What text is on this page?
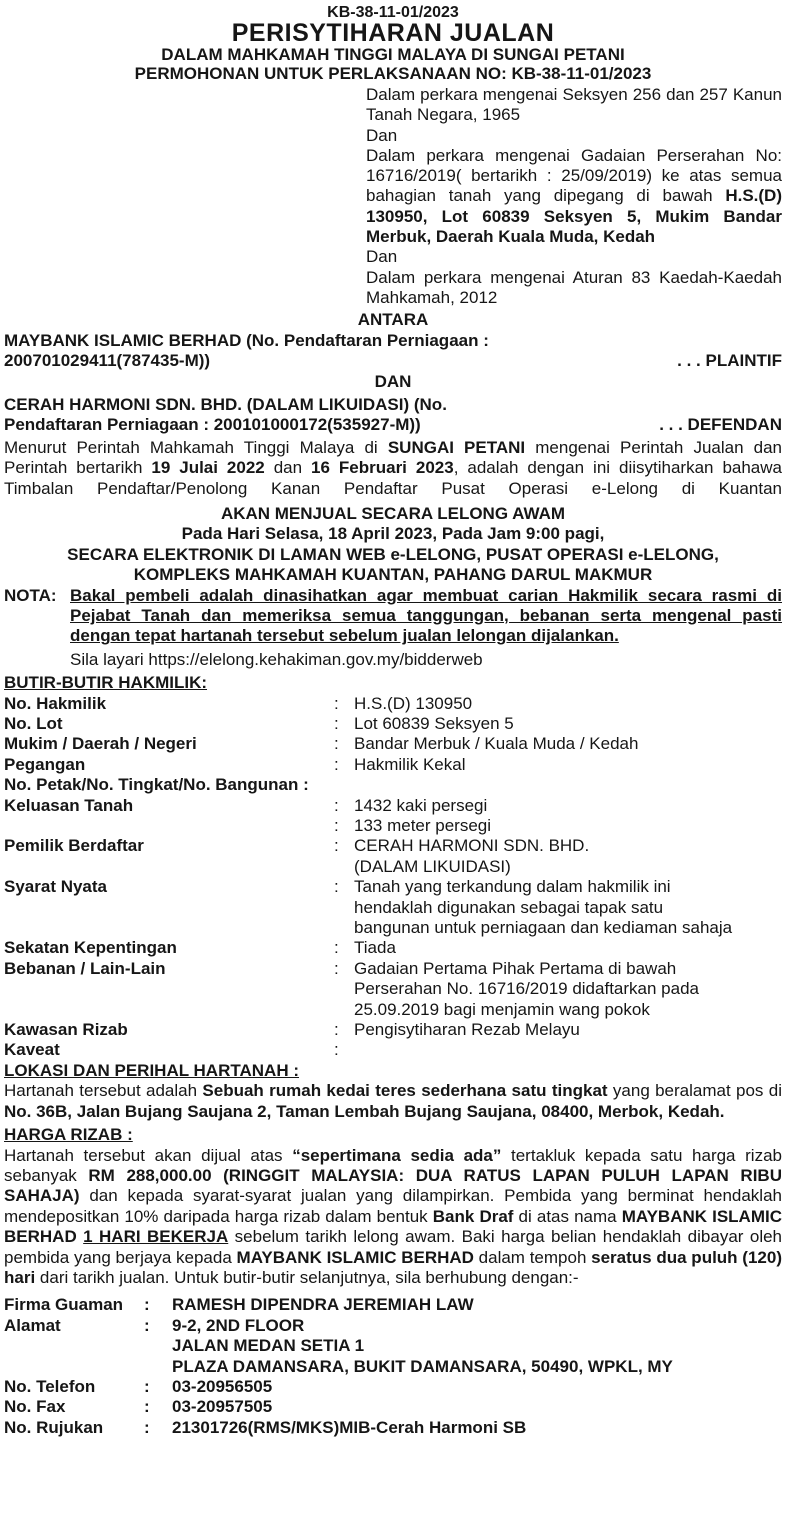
KB-38-11-01/2023
PERISYTIHARAN JUALAN
DALAM MAHKAMAH TINGGI MALAYA DI SUNGAI PETANI
PERMOHONAN UNTUK PERLAKSANAAN NO: KB-38-11-01/2023

Dalam perkara mengenai Seksyen 256 dan 257 Kanun Tanah Negara, 1965

Dan

Dalam perkara mengenai Gadaian Perserahan No: 16716/2019( bertarikh : 25/09/2019) ke atas semua bahagian tanah yang dipegang di bawah H.S.(D) 130950, Lot 60839 Seksyen 5, Mukim Bandar Merbuk, Daerah Kuala Muda, Kedah

Dan

Dalam perkara mengenai Aturan 83 Kaedah-Kaedah Mahkamah, 2012

ANTARA
MAYBANK ISLAMIC BERHAD (No. Pendaftaran Perniagaan : 200701029411(787435-M))	. . . PLAINTIF
DAN
CERAH HARMONI SDN. BHD. (DALAM LIKUIDASI) (No. Pendaftaran Perniagaan : 200101000172(535927-M))	. . . DEFENDAN

Menurut Perintah Mahkamah Tinggi Malaya di SUNGAI PETANI mengenai Perintah Jualan dan Perintah bertarikh 19 Julai 2022 dan 16 Februari 2023, adalah dengan ini diisytiharkan bahawa Timbalan Pendaftar/Penolong Kanan Pendaftar Pusat Operasi e-Lelong di Kuantan

AKAN MENJUAL SECARA LELONG AWAM
Pada Hari Selasa, 18 April 2023, Pada Jam 9:00 pagi,
SECARA ELEKTRONIK DI LAMAN WEB e-LELONG, PUSAT OPERASI e-LELONG,
KOMPLEKS MAHKAMAH KUANTAN, PAHANG DARUL MAKMUR
NOTA: Bakal pembeli adalah dinasihatkan agar membuat carian Hakmilik secara rasmi di Pejabat Tanah dan memeriksa semua tanggungan, bebanan serta mengenal pasti dengan tepat hartanah tersebut sebelum jualan lelongan dijalankan.
Sila layari https://elelong.kehakiman.gov.my/bidderweb
BUTIR-BUTIR HAKMILIK:
No. Hakmilik	:	H.S.(D) 130950
No. Lot	:	Lot 60839 Seksyen 5
Mukim / Daerah / Negeri	:	Bandar Merbuk / Kuala Muda / Kedah
Pegangan	:	Hakmilik Kekal
No. Petak/No. Tingkat/No. Bangunan :		
Keluasan Tanah	:	1432 kaki persegi
	:	133 meter persegi
Pemilik Berdaftar	:	CERAH HARMONI SDN. BHD.
(DALAM LIKUIDASI)
Syarat Nyata	:	Tanah yang terkandung dalam hakmilik ini
hendaklah digunakan sebagai tapak satu
bangunan untuk perniagaan dan kediaman sahaja
Sekatan Kepentingan	:	Tiada
Bebanan / Lain-Lain	:	Gadaian Pertama Pihak Pertama di bawah
Perserahan No. 16716/2019 didaftarkan pada
25.09.2019 bagi menjamin wang pokok
Kawasan Rizab	:	Pengisytiharan Rezab Melayu
Kaveat	:	
LOKASI DAN PERIHAL HARTANAH :

Hartanah tersebut adalah Sebuah rumah kedai teres sederhana satu tingkat yang beralamat pos di No. 36B, Jalan Bujang Saujana 2, Taman Lembah Bujang Saujana, 08400, Merbok, Kedah.

HARGA RIZAB :

Hartanah tersebut akan dijual atas “sepertimana sedia ada” tertakluk kepada satu harga rizab sebanyak RM 288,000.00 (RINGGIT MALAYSIA: DUA RATUS LAPAN PULUH LAPAN RIBU SAHAJA) dan kepada syarat-syarat jualan yang dilampirkan. Pembida yang berminat hendaklah mendepositkan 10% daripada harga rizab dalam bentuk Bank Draf di atas nama MAYBANK ISLAMIC BERHAD 1 HARI BEKERJA sebelum tarikh lelong awam. Baki harga belian hendaklah dibayar oleh pembida yang berjaya kepada MAYBANK ISLAMIC BERHAD dalam tempoh seratus dua puluh (120) hari dari tarikh jualan. Untuk butir-butir selanjutnya, sila berhubung dengan:-

Firma Guaman	:	RAMESH DIPENDRA JEREMIAH LAW
Alamat	:	9-2, 2ND FLOOR
JALAN MEDAN SETIA 1
PLAZA DAMANSARA, BUKIT DAMANSARA, 50490, WPKL, MY
No. Telefon	:	03-20956505
No. Fax	:	03-20957505
No. Rujukan	:	21301726(RMS/MKS)MIB-Cerah Harmoni SB
